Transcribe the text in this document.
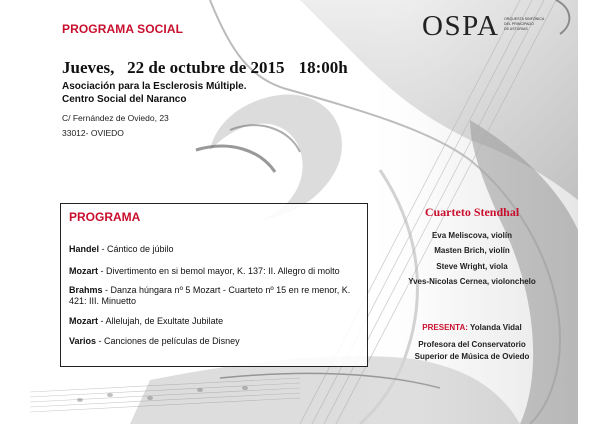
PROGRAMA SOCIAL	OSPA ORQUESTA SINFÓNICA
DEL PRINCIPADO
DE ASTURIAS
Jueves,   22 de octubre de 2015 18:00h
Asociación para la Esclerosis Múltiple.
Centro Social del Naranco
C/ Fernández de Oviedo, 23
33012- OVIEDO
PROGRAMA
Handel - Cántico de júbilo
Mozart - Divertimento en si bemol mayor, K. 137: II. Allegro di molto
Brahms - Danza húngara nº 5 Mozart - Cuarteto nº 15 en re menor, K. 421: III. Minuetto
Mozart - Allelujah, de Exultate Jubilate
Varios - Canciones de películas de Disney
Cuarteto Stendhal
Eva Meliscova, violín
Masten Brich, violín
Steve Wright, viola
Yves-Nicolas Cernea, violonchelo
PRESENTA: Yolanda Vidal
Profesora del Conservatorio
Superior de Música de Oviedo
